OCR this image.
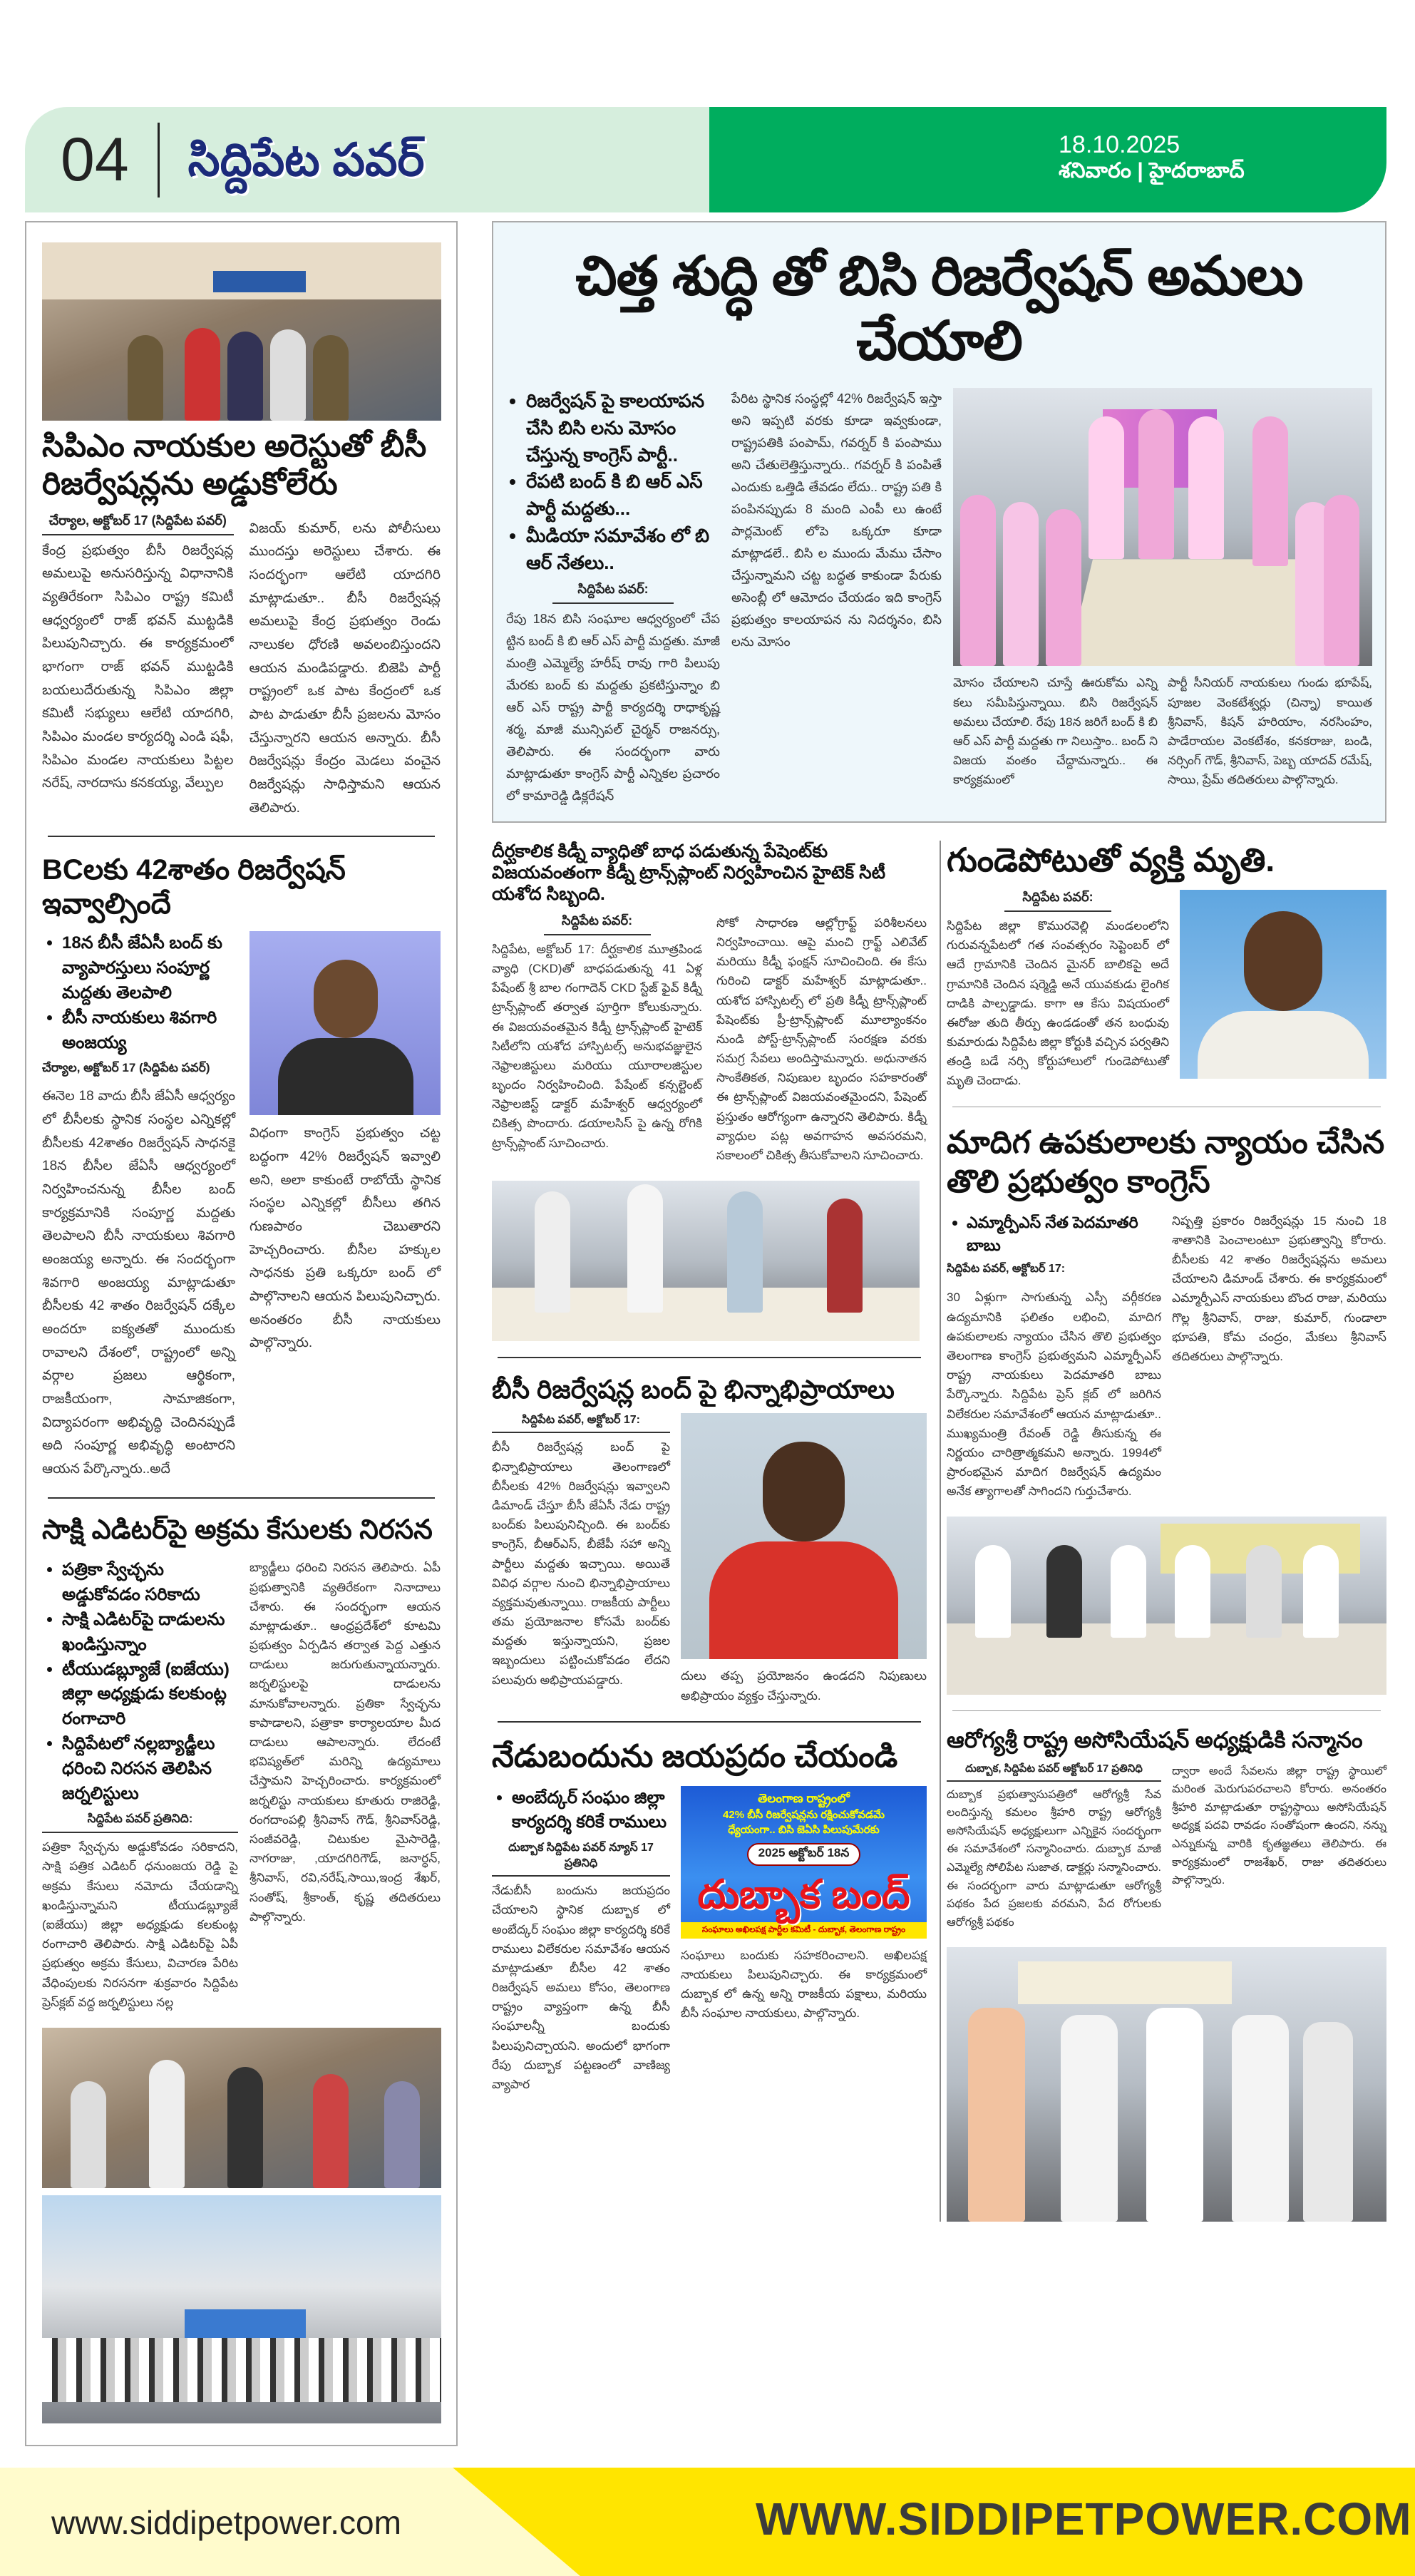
04 సిద్దిపేట పవర్	18.10.2025
శనివారం | హైదరాబాద్
సిపిఎం నాయకుల అరెస్టుతో బీసీ రిజర్వేషన్లను అడ్డుకోలేరు
చేర్యాల, అక్టోబర్ 17 (సిద్దిపేట పవర్)
కేంద్ర ప్రభుత్వం బీసీ రిజర్వేషన్ల అమలుపై అనుసరిస్తున్న విధానానికి వ్యతిరేకంగా సిపిఎం రాష్ట్ర కమిటీ ఆధ్వర్యంలో రాజ్ భవన్ ముట్టడికి పిలుపునిచ్చారు. ఈ కార్యక్రమంలో భాగంగా రాజ్ భవన్ ముట్టడికి బయలుదేరుతున్న సిపిఎం జిల్లా కమిటీ సభ్యులు ఆలేటి యాదగిరి, సిపిఎం మండల కార్యదర్శి ఎండి షఫీ, సిపిఎం మండల నాయకులు పిట్టల నరేష్, నారదాసు కనకయ్య, వేల్పుల
విజయ్ కుమార్, లను పోలీసులు ముందస్తు అరెస్టులు చేశారు. ఈ సందర్భంగా ఆలేటి యాదగిరి మాట్లాడుతూ.. బీసీ రిజర్వేషన్ల అమలుపై కేంద్ర ప్రభుత్వం రెండు నాలుకల ధోరణి అవలంబిస్తుందని ఆయన మండిపడ్డారు. బిజెపి పార్టీ రాష్ట్రంలో ఒక పాట కేంద్రంలో ఒక పాట పాడుతూ బీసీ ప్రజలను మోసం చేస్తున్నారని ఆయన అన్నారు. బీసీ రిజర్వేషన్లు కేంద్రం మెడలు వంచైన రిజర్వేషన్లు సాధిస్తామని ఆయన తెలిపారు.
BCలకు 42శాతం రిజర్వేషన్ ఇవ్వాల్సిందే
• 18న బీసీ జేఏసీ బంద్ కు వ్యాపారస్తులు సంపూర్ణ మద్దతు తెలపాలి
• బీసీ నాయకులు శివగారి అంజయ్య
చేర్యాల, అక్టోబర్ 17 (సిద్దిపేట పవర్)
ఈనెల 18 వాదు బీసీ జేఏసీ ఆధ్వర్యం లో బీసీలకు స్థానిక సంస్థల ఎన్నికల్లో బీసీలకు 42శాతం రిజర్వేషన్ సాధనకై 18న బీసీల జేఏసీ ఆధ్వర్యంలో నిర్వహించనున్న బీసీల బంద్ కార్యక్రమానికి సంపూర్ణ మద్దతు తెలపాలని బీసీ నాయకులు శివగారి అంజయ్య అన్నారు. ఈ సందర్భంగా శివగారి అంజయ్య మాట్లాడుతూ బీసీలకు 42 శాతం రిజర్వేషన్ దక్కేల అందరూ ఐక్యతతో ముందుకు రావాలని దేశంలో, రాష్ట్రంలో అన్ని వర్గాల ప్రజలు ఆర్థికంగా, రాజకీయంగా, సామాజికంగా, విద్యాపరంగా అభివృద్ధి చెందినప్పుడే అది సంపూర్ణ అభివృద్ధి అంటారని ఆయన పేర్కొన్నారు..అదే
విధంగా కాంగ్రెస్ ప్రభుత్వం చట్ట బద్ధంగా 42% రిజర్వేషన్ ఇవ్వాలి అని, అలా కాకుంటే రాబోయే స్థానిక సంస్థల ఎన్నికల్లో బీసీలు తగిన గుణపాఠం చెబుతారని హెచ్చరించారు. బీసీల హక్కుల సాధనకు ప్రతి ఒక్కరూ బంద్ లో పాల్గొనాలని ఆయన పిలుపునిచ్చారు. అనంతరం బీసీ నాయకులు పాల్గొన్నారు.
సాక్షి ఎడిటర్‌పై అక్రమ కేసులకు నిరసన
• పత్రికా స్వేచ్ఛను అడ్డుకోవడం సరికాదు
• సాక్షి ఎడిటర్‌పై దాడులను ఖండిస్తున్నాం
• టీయుడబ్ల్యూజే (ఐజేయు) జిల్లా అధ్యక్షుడు కలకుంట్ల రంగాచారి
• సిద్దిపేటలో నల్లబ్యాడ్జీలు ధరించి నిరసన తెలిపిన జర్నలిస్టులు
సిద్దిపేట పవర్ ప్రతినిది:
పత్రికా స్వేచ్ఛను అడ్డుకోవడం సరికాదని, సాక్షి పత్రిక ఎడిటర్ ధనుంజయ రెడ్డి పై అక్రమ కేసులు నమోదు చేయడాన్ని ఖండిస్తున్నామని టీయుడబ్ల్యూజే (ఐజేయు) జిల్లా అధ్యక్షుడు కలకుంట్ల రంగాచారి తెలిపారు. సాక్షి ఎడిటర్‌పై ఏపీ ప్రభుత్వం అక్రమ కేసులు, విచారణ పేరిట వేధింపులకు నిరసనగా శుక్రవారం సిద్దిపేట ప్రెస్‌క్లబ్ వద్ద జర్నలిస్టులు నల్ల
బ్యాడ్జీలు ధరించి నిరసన తెలిపారు. ఏపీ ప్రభుత్వానికి వ్యతిరేకంగా నినాదాలు చేశారు. ఈ సందర్భంగా ఆయన మాట్లాడుతూ.. ఆంధ్రప్రదేశ్‌లో కూటమి ప్రభుత్వం ఏర్పడిన తర్వాత పెద్ద ఎత్తున దాడులు జరుగుతున్నాయన్నారు. జర్నలిస్టులపై దాడులను మానుకోవాలన్నారు. ప్రతికా స్వేచ్ఛను కాపాడాలని, పత్రాకా కార్యాలయాల మీద దాడులు ఆపాలన్నారు. లేదంటే భవిష్యత్‌లో మరిన్ని ఉద్యమాలు చేస్తామని హెచ్చరించారు. కార్యక్రమంలో జర్నలిస్టు నాయకులు కూతురు రాజిరెడ్డి, రంగదాంపల్లి శ్రీనివాస్ గౌడ్, శ్రీనివాస్‌రెడ్డి, సంజీవరెడ్డి, చిటుకుల మైసారెడ్డి, నాగరాజు, ,యాదగిరిగౌడ్, జనార్ధన్, శ్రీనివాస్, రవి,నరేష్,సాయి,ఇంద్ర శేఖర్, సంతోష్, శ్రీకాంత్, కృష్ణ తదితరులు పాల్గొన్నారు.
చిత్త శుద్ధి తో బిసి రిజర్వేషన్ అమలు చేయాలి
• రిజర్వేషన్ పై కాలయాపన చేసి బిసి లను మోసం చేస్తున్న కాంగ్రెస్ పార్టీ..
• రేపటి బంద్ కి బి ఆర్ ఎస్ పార్టీ మద్దతు...
• మీడియా సమావేశం లో బి ఆర్ నేతలు..
సిద్దిపేట పవర్:
రేపు 18న బిసి సంఘాల ఆధ్వర్యంలో చేప ట్టిన బంద్ కి బి ఆర్ ఎస్ పార్టీ మద్దతు. మాజీ మంత్రి ఎమ్మెల్యే హరీష్ రావు గారి పిలుపు మేరకు బంద్ కు మద్దతు ప్రకటిస్తున్నాం బి ఆర్ ఎస్ రాష్ట్ర పార్టీ కార్యదర్శి రాధాకృష్ణ శర్మ, మాజీ మున్సిపల్ చైర్మన్ రాజనర్సు, తెలిపారు. ఈ సందర్భంగా వారు మాట్లాడుతూ కాంగ్రెస్ పార్టీ ఎన్నికల ప్రచారం లో కామారెడ్డి డిక్లరేషన్
పేరిట స్థానిక సంస్థల్లో 42% రిజర్వేషన్ ఇస్తా అని ఇప్పటి వరకు కూడా ఇవ్వకుండా, రాష్ట్రపతికి పంపామ్, గవర్నర్ కి పంపాము అని చేతులెత్తిస్తున్నారు.. గవర్నర్ కి పంపితే ఎందుకు ఒత్తిడి తేవడం లేదు.. రాష్ట్ర పతి కి పంపినప్పుడు 8 మంది ఎంపీ లు ఉంటే పార్లమెంట్ లోపె ఒక్కరూ కూడా మాట్లాడలే.. బిసి ల ముందు మేము చేసాం చేస్తున్నామని చట్ట బద్ధత కాకుండా పేరుకు అసెంబ్లీ లో ఆమోదం చేయడం ఇది కాంగ్రెస్ ప్రభుత్వం కాలయాపన ను నిదర్శనం, బిసి లను మోసం
మోసం చేయాలని చూస్తే ఊరుకోమ ఎన్ని కలు సమీపిస్తున్నాయి. బిసి రిజర్వేషన్ అమలు చేయాలి. రేపు 18న జరిగే బంద్ కి బి ఆర్ ఎస్ పార్టీ మద్దతు గా నిలుస్తాం.. బంద్ ని విజయ వంతం చేద్దామన్నారు.. ఈ కార్యక్రమంలో
పార్టీ సీనియర్ నాయకులు గుండు భూపేష్, పూజల వెంకటేశ్వర్లు (చిన్నా) కాయిత శ్రీనివాస్, కిషన్ హరియాం, నరసింహం, పాడేరాయల వెంకటేశం, కనకరాజు, బండి, నర్సింగ్ గౌడ్, శ్రీనివాస్, పెబ్బ యాదవ్ రమేష్, సాయి, ప్రేమ్ తదితరులు పాల్గొన్నారు.
దీర్ఘకాలిక కిడ్నీ వ్యాధితో బాధ పడుతున్న పేషెంట్‌కు విజయవంతంగా కిడ్నీ ట్రాన్స్‌ప్లాంట్ నిర్వహించిన హైటెక్ సిటీ యశోద సిబ్బంది.
సిద్దిపేట పవర్:
సిద్దిపేట, అక్టోబర్ 17: దీర్ఘకాలిక మూత్రపిండ వ్యాధి (CKD)తో బాధపడుతున్న 41 ఏళ్ల పేషేంట్ శ్రీ బాల గంగాదెన్ CKD స్టేజ్ ఫైవ్ కిడ్నీ ట్రాన్స్‌ప్లాంట్ తర్వాత పూర్తిగా కోలుకున్నారు. ఈ విజయవంతమైన కిడ్నీ ట్రాన్స్‌ప్లాంట్ హైటెక్ సిటీలోని యశోద హాస్పిటల్స్ అనుభవజ్ఞులైన నెఫ్రాలజిస్టులు మరియు యూరాలజిస్టుల బృందం నిర్వహించింది. పేషేంట్ కన్సల్టెంట్ నెఫ్రాలజిస్ట్ డాక్టర్ మహేశ్వర్ ఆధ్వర్యంలో చికిత్స పొందారు. డయాలసిస్ పై ఉన్న రోగికి ట్రాన్స్‌ప్లాంట్ సూచించారు.
సోకో సాధారణ ఆల్లోగ్రాఫ్ట్ పరిశీలనలు నిర్వహించాయి. ఆపై మంచి గ్రాఫ్ట్ ఎలివేట్ మరియు కిడ్నీ ఫంక్షన్ సూచించింది. ఈ కేసు గురించి డాక్టర్ మహేశ్వర్ మాట్లాడుతూ.. యశోద హాస్పిటల్స్ లో ప్రతి కిడ్నీ ట్రాన్స్‌ప్లాంట్ పేషెంట్‌కు ప్రీ-ట్రాన్స్‌ప్లాంట్ మూల్యాంకనం నుండి పోస్ట్-ట్రాన్స్‌ప్లాంట్ సంరక్షణ వరకు సమగ్ర సేవలు అందిస్తామన్నారు. అధునాతన సాంకేతికత, నిపుణుల బృందం సహకారంతో ఈ ట్రాన్స్‌ప్లాంట్ విజయవంతమైందని, పేషెంట్ ప్రస్తుతం ఆరోగ్యంగా ఉన్నారని తెలిపారు. కిడ్నీ వ్యాధుల పట్ల అవగాహన అవసరమని, సకాలంలో చికిత్స తీసుకోవాలని సూచించారు.
బీసీ రిజర్వేషన్ల బంద్ పై భిన్నాభిప్రాయాలు
సిద్దిపేట పవర్, అక్టోబర్ 17:
బీసీ రిజర్వేషన్ల బంద్ పై భిన్నాభిప్రాయాలు తెలంగాణలో బీసీలకు 42% రిజర్వేషన్లు ఇవ్వాలని డిమాండ్ చేస్తూ బీసీ జేఏసీ నేడు రాష్ట్ర బంద్‌కు పిలుపునిచ్చింది. ఈ బంద్‌కు కాంగ్రెస్, బీఆర్ఎస్, బీజేపీ సహా అన్ని పార్టీలు మద్దతు ఇచ్చాయి. అయితే వివిధ వర్గాల నుంచి భిన్నాభిప్రాయాలు వ్యక్తమవుతున్నాయి. రాజకీయ పార్టీలు తమ ప్రయోజనాల కోసమే బంద్‌కు మద్దతు ఇస్తున్నాయని, ప్రజల ఇబ్బందులు పట్టించుకోవడం లేదని పలువురు అభిప్రాయపడ్డారు.	దులు తప్ప ప్రయోజనం ఉండదని నిపుణులు అభిప్రాయం వ్యక్తం చేస్తున్నారు.
నేడుబందును జయప్రదం చేయండి
• అంబేద్కర్ సంఘం జిల్లా కార్యదర్శి కరికే రాములు
దుబ్బాక సిద్దిపేట పవర్ న్యూస్ 17 ప్రతినిధి
నేడుబీసీ బందును జయప్రదం చేయాలని స్థానిక దుబ్బాక లో అంబేద్కర్ సంఘం జిల్లా కార్యదర్శి కరికే రాములు విలేకరుల సమావేశం ఆయన మాట్లాడుతూ బీసీల 42 శాతం రిజర్వేషన్ అమలు కోసం, తెలంగాణ రాష్ట్రం వ్యాప్తంగా ఉన్న బీసీ సంఘాలన్నీ బందుకు పిలుపునిచ్చాయని. అందులో భాగంగా రేపు దుబ్బాక పట్టణంలో వాణిజ్య వ్యాపార
తెలంగాణ రాష్ట్రంలో
42% బీసీ రిజర్వేషన్లను రక్షించుకోవడమే
ధ్యేయంగా.. బిసి జెఏసి పిలుపుమేరకు
2025 అక్టోబర్ 18న
దుబ్బాక బంద్
సంఘాలు అఖిలపక్ష పార్టీల కమిటీ - దుబ్బాక, తెలంగాణ రాష్ట్రం
సంఘాలు బందుకు సహకరించాలని. అఖిలపక్ష నాయకులు పిలుపునిచ్చారు. ఈ కార్యక్రమంలో దుబ్బాక లో ఉన్న అన్ని రాజకీయ పక్షాలు, మరియు బీసీ సంఘాల నాయకులు, పాల్గొన్నారు.
గుండెపోటుతో వ్యక్తి మృతి.
సిద్దిపేట పవర్:
సిద్దిపేట జిల్లా కొమురవెల్లి మండలంలోని గురువన్నపేటలో గత సంవత్సరం సెప్టెంబర్ లో ఆదే గ్రామానికి చెందిన మైనర్ బాలికపై అదే గ్రామానికి చెందిన షర్మెడ్డి అనే యువకుడు లైంగిక దాడికి పాల్పడ్డాడు. కాగా ఆ కేసు విషయంలో ఈరోజు తుది తీర్పు ఉండడంతో తన బంధువు కుమారుడు సిద్దిపేట జిల్లా కోర్టుకి వచ్చిన పర్వతిని తండ్రి బడే నర్సి కోర్టుహాలులో గుండెపోటుతో మృతి చెందాడు.
మాదిగ ఉపకులాలకు న్యాయం చేసిన తొలి ప్రభుత్వం కాంగ్రెస్
• ఎమ్మార్పీఎస్ నేత పెదమాతరి బాబు
సిద్దిపేట పవర్, అక్టోబర్ 17:
30 ఏళ్లుగా సాగుతున్న ఎస్సీ వర్గీకరణ ఉద్యమానికి ఫలితం లభించి, మాదిగ ఉపకులాలకు న్యాయం చేసిన తొలి ప్రభుత్వం తెలంగాణ కాంగ్రెస్ ప్రభుత్వమని ఎమ్మార్పీఎస్ రాష్ట్ర నాయకులు పెదమాతరి బాబు పేర్కొన్నారు. సిద్దిపేట ప్రెస్ క్లబ్ లో జరిగిన విలేకరుల సమావేశంలో ఆయన మాట్లాడుతూ.. ముఖ్యమంత్రి రేవంత్ రెడ్డి తీసుకున్న ఈ నిర్ణయం చారిత్రాత్మకమని అన్నారు. 1994లో ప్రారంభమైన మాదిగ రిజర్వేషన్ ఉద్యమం అనేక త్యాగాలతో సాగిందని గుర్తుచేశారు.
నిష్పత్తి ప్రకారం రిజర్వేషన్లు 15 నుంచి 18 శాతానికి పెంచాలంటూ ప్రభుత్వాన్ని కోరారు. బీసీలకు 42 శాతం రిజర్వేషన్లను అమలు చేయాలని డిమాండ్ చేశారు. ఈ కార్యక్రమంలో ఎమ్మార్పీఎస్ నాయకులు బొంద రాజు, మరియు గొల్ల శ్రీనివాస్, రాజు, కుమార్, గుండాలా భూపతి, కోమ చంద్రం, మేకలు శ్రీనివాస్ తదితరులు పాల్గొన్నారు.
ఆరోగ్యశ్రీ రాష్ట్ర అసోసియేషన్ అధ్యక్షుడికి సన్మానం
దుబ్బాక, సిద్దిపేట పవర్ అక్టోబర్ 17 ప్రతినిధి
దుబ్బాక ప్రభుత్వాసుపత్రిలో ఆరోగ్యశ్రీ సేవ లందిస్తున్న కమలం శ్రీహరి రాష్ట్ర ఆరోగ్యశ్రీ అసోసియేషన్ అధ్యక్షులుగా ఎన్నికైన సందర్భంగా ఈ సమావేశంలో సన్మానించారు. దుబ్బాక మాజీ ఎమ్మెల్యే సోలిపేట సుజాత, డాక్టర్లు సన్మానించారు. ఈ సందర్భంగా వారు మాట్లాడుతూ ఆరోగ్యశ్రీ పథకం పేద ప్రజలకు వరమని, పేద రోగులకు ఆరోగ్యశ్రీ పథకం
ద్వారా అందే సేవలను జిల్లా రాష్ట్ర స్థాయిలో మరింత మెరుగుపరచాలని కోరారు. అనంతరం శ్రీహరి మాట్లాడుతూ రాష్ట్రస్థాయి అసోసియేషన్ అధ్యక్ష పదవి రావడం సంతోషంగా ఉందని, నన్ను ఎన్నుకున్న వారికి కృతజ్ఞతలు తెలిపారు. ఈ కార్యక్రమంలో రాజశేఖర్, రాజు తదితరులు పాల్గొన్నారు.
www.siddipetpower.com	WWW.SIDDIPETPOWER.COM
